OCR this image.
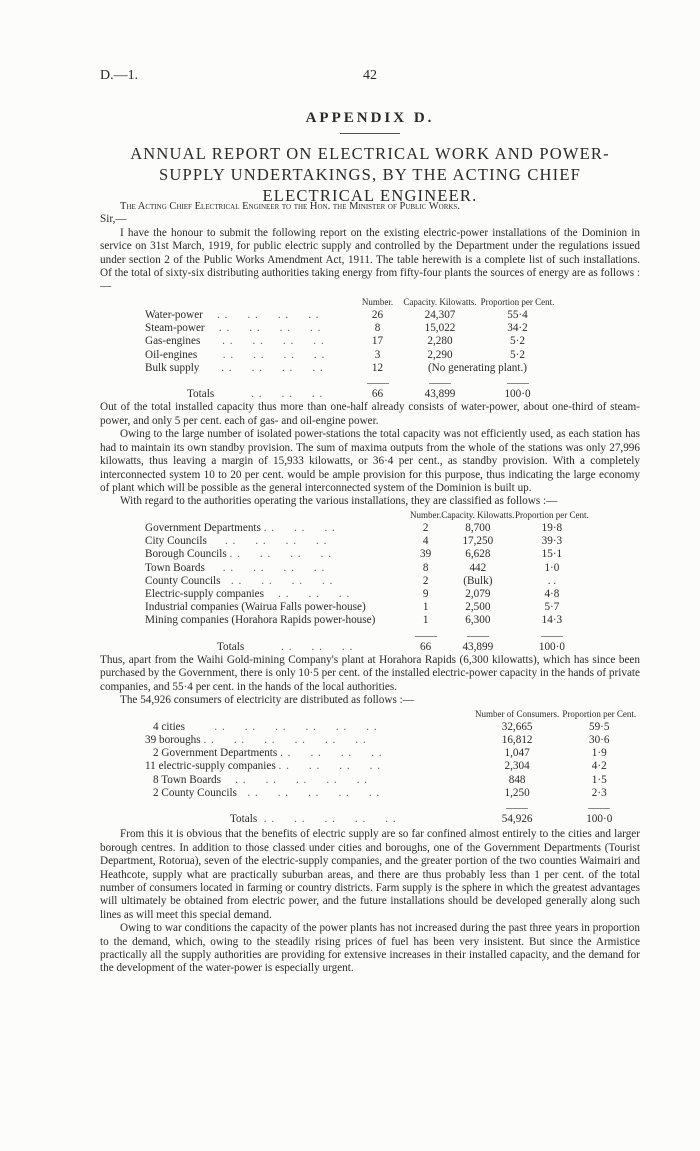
D.—1.	42
APPENDIX D.
ANNUAL REPORT ON ELECTRICAL WORK AND POWER-SUPPLY UNDERTAKINGS, BY THE ACTING CHIEF ELECTRICAL ENGINEER.

The Acting Chief Electrical Engineer to the Hon. the Minister of Public Works.

Sir,—

I have the honour to submit the following report on the existing electric-power installations of the Dominion in service on 31st March, 1919, for public electric supply and controlled by the Department under the regulations issued under section 2 of the Public Works Amendment Act, 1911. The table herewith is a complete list of such installations. Of the total of sixty-six distributing authorities taking energy from fifty-four plants the sources of energy are as follows :—

	Number.	Capacity. Kilowatts.	Proportion per Cent.
Water-power    . .     . .     . .     . .	26	24,307	55·4
Steam-power    . .     . .     . .     . .	8	15,022	34·2
Gas-engines      . .     . .     . .     . .	17	2,280	5·2
Oil-engines       . .     . .     . .     . .	3	2,290	5·2
Bulk supply      . .     . .     . .     . .	12	(No generating plant.)	

Totals          . .     . .     . .	66	43,899	100·0

Out of the total installed capacity thus more than one-half already consists of water-power, about one-third of steam-power, and only 5 per cent. each of gas- and oil-engine power.

Owing to the large number of isolated power-stations the total capacity was not efficiently used, as each station has had to maintain its own standby provision. The sum of maxima outputs from the whole of the stations was only 27,996 kilowatts, thus leaving a margin of 15,933 kilowatts, or 36·4 per cent., as standby provision. With a completely interconnected system 10 to 20 per cent. would be ample provision for this purpose, thus indicating the large economy of plant which will be possible as the general interconnected system of the Dominion is built up.

With regard to the authorities operating the various installations, they are classified as follows :—

	Number.	Capacity. Kilowatts.	Proportion per Cent.
Government Departments . .     . .     . .	2	8,700	19·8
City Councils     . .     . .     . .     . .	4	17,250	39·3
Borough Councils . .     . .     . .     . .	39	6,628	15·1
Town Boards     . .     . .     . .     . .	8	442	1·0
County Councils   . .     . .     . .     . .	2	(Bulk)	. .
Electric-supply companies    . .     . .     . .	9	2,079	4·8
Industrial companies (Wairua Falls power-house)	1	2,500	5·7
Mining companies (Horahora Rapids power-house)	1	6,300	14·3

Totals          . .     . .     . .	66	43,899	100·0

Thus, apart from the Waihi Gold-mining Company's plant at Horahora Rapids (6,300 kilowatts), which has since been purchased by the Government, there is only 10·5 per cent. of the installed electric-power capacity in the hands of private companies, and 55·4 per cent. in the hands of the local authorities.

The 54,926 consumers of electricity are distributed as follows :—

	Number of Consumers.	Proportion per Cent.
4 cities        . .     . .     . .     . .     . .     . .	32,665	59·5
39 boroughs . .     . .     . .     . .     . .     . .	16,812	30·6
2 Government Departments . .     . .     . .     . .	1,047	1·9
11 electric-supply companies . .     . .     . .     . .	2,304	4·2
8 Town Boards    . .     . .     . .     . .     . .	848	1·5
2 County Councils   . .     . .     . .     . .     . .	1,250	2·3

Totals  . .     . .     . .     . .     . .	54,926	100·0

From this it is obvious that the benefits of electric supply are so far confined almost entirely to the cities and larger borough centres. In addition to those classed under cities and boroughs, one of the Government Departments (Tourist Department, Rotorua), seven of the electric-supply companies, and the greater portion of the two counties Waimairi and Heathcote, supply what are practically suburban areas, and there are thus probably less than 1 per cent. of the total number of consumers located in farming or country districts. Farm supply is the sphere in which the greatest advantages will ultimately be obtained from electric power, and the future installations should be developed generally along such lines as will meet this special demand.

Owing to war conditions the capacity of the power plants has not increased during the past three years in proportion to the demand, which, owing to the steadily rising prices of fuel has been very insistent. But since the Armistice practically all the supply authorities are providing for extensive increases in their installed capacity, and the demand for the development of the water-power is especially urgent.
